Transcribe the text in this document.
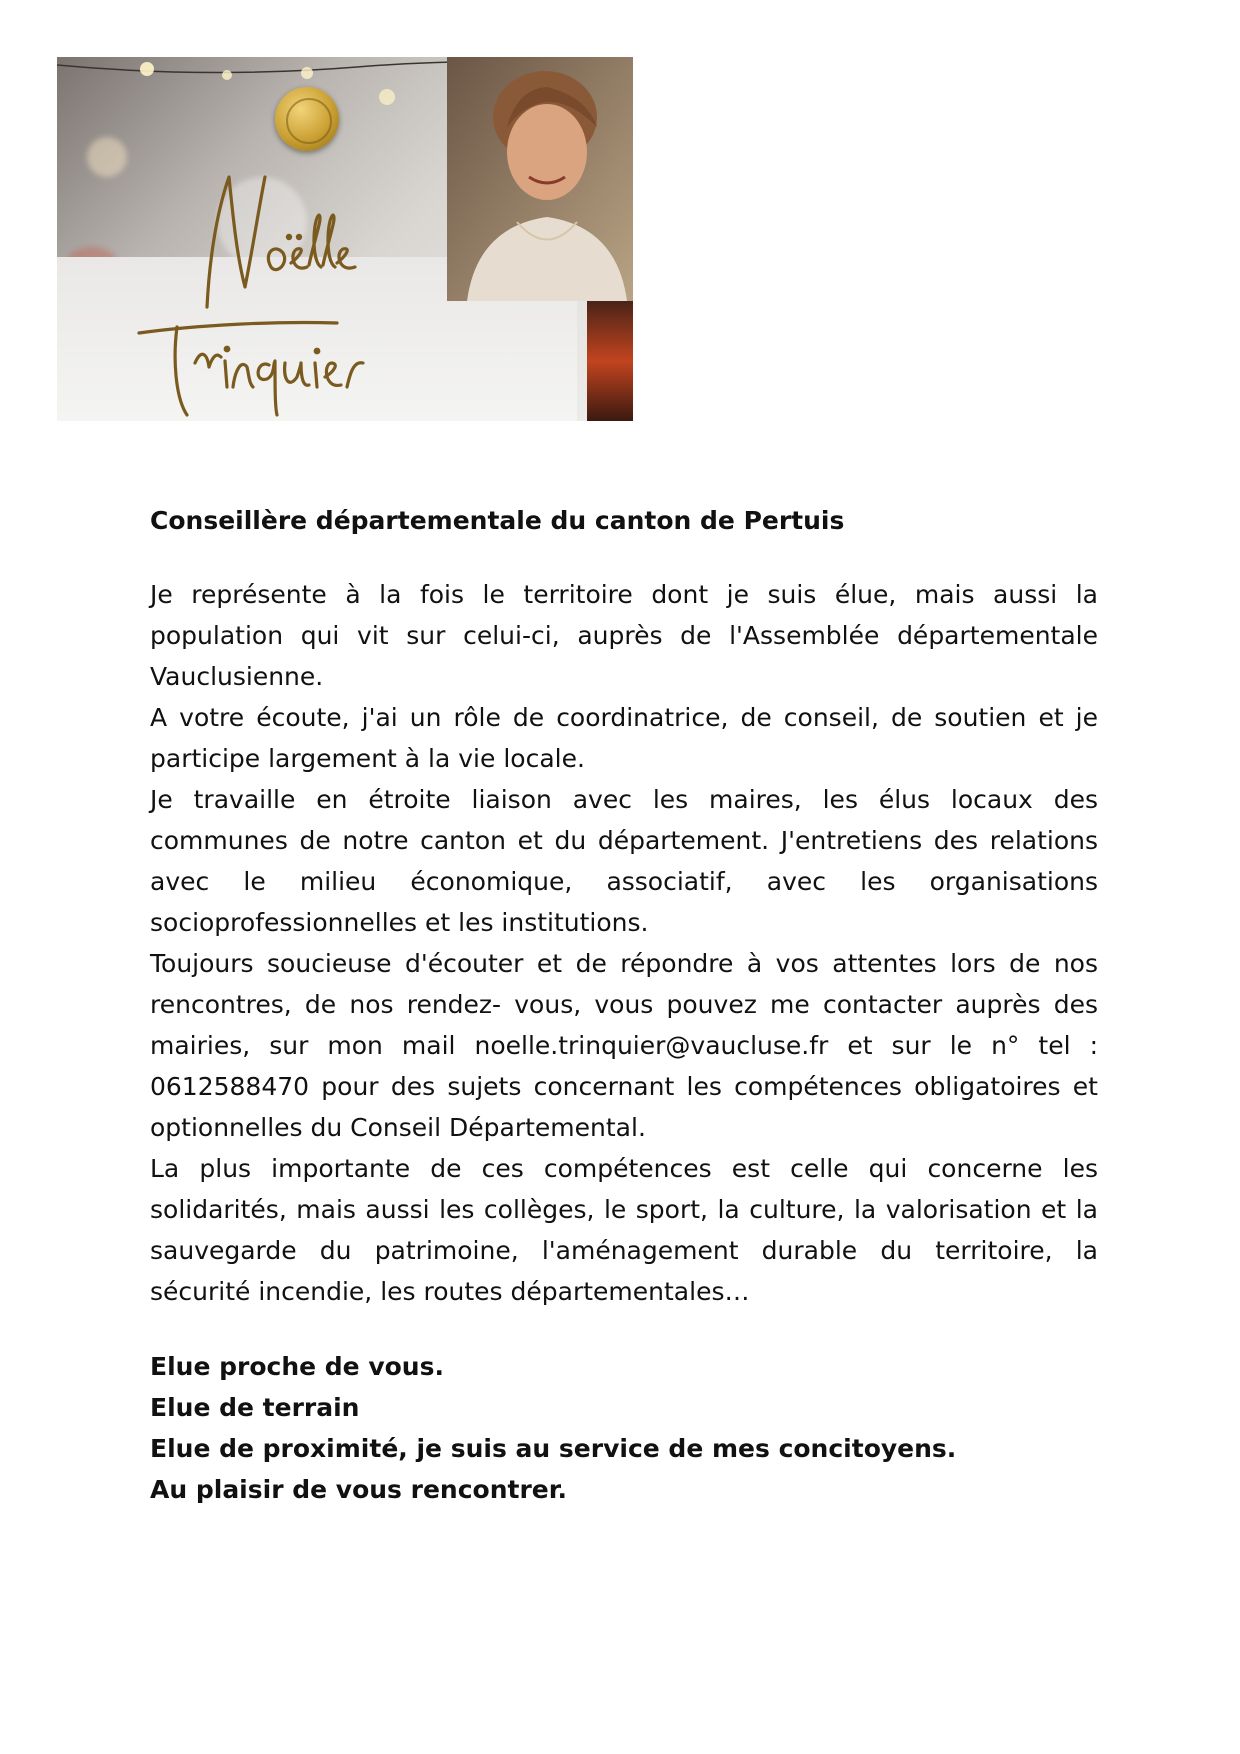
Conseillère départementale du canton de Pertuis

Je représente à la fois le territoire dont je suis élue, mais aussi la population qui vit sur celui-ci, auprès de l'Assemblée départementale Vauclusienne.

A votre écoute, j'ai un rôle de coordinatrice, de conseil, de soutien et je participe largement à la vie locale.

Je travaille en étroite liaison avec les maires, les élus locaux des communes de notre canton et du département. J'entretiens des relations avec le milieu économique, associatif, avec les organisations socioprofessionnelles et les institutions.

Toujours soucieuse d'écouter et de répondre à vos attentes lors de nos rencontres, de nos rendez- vous, vous pouvez me contacter auprès des mairies, sur mon mail noelle.trinquier@vaucluse.fr et sur le n° tel : 0612588470 pour des sujets concernant les compétences obligatoires et optionnelles du Conseil Départemental.

La plus importante de ces compétences est celle qui concerne les solidarités, mais aussi les collèges, le sport, la culture, la valorisation et la sauvegarde du patrimoine, l'aménagement durable du territoire, la sécurité incendie, les routes départementales…

Elue proche de vous.

Elue de terrain

Elue de proximité, je suis au service de mes concitoyens.

Au plaisir de vous rencontrer.
